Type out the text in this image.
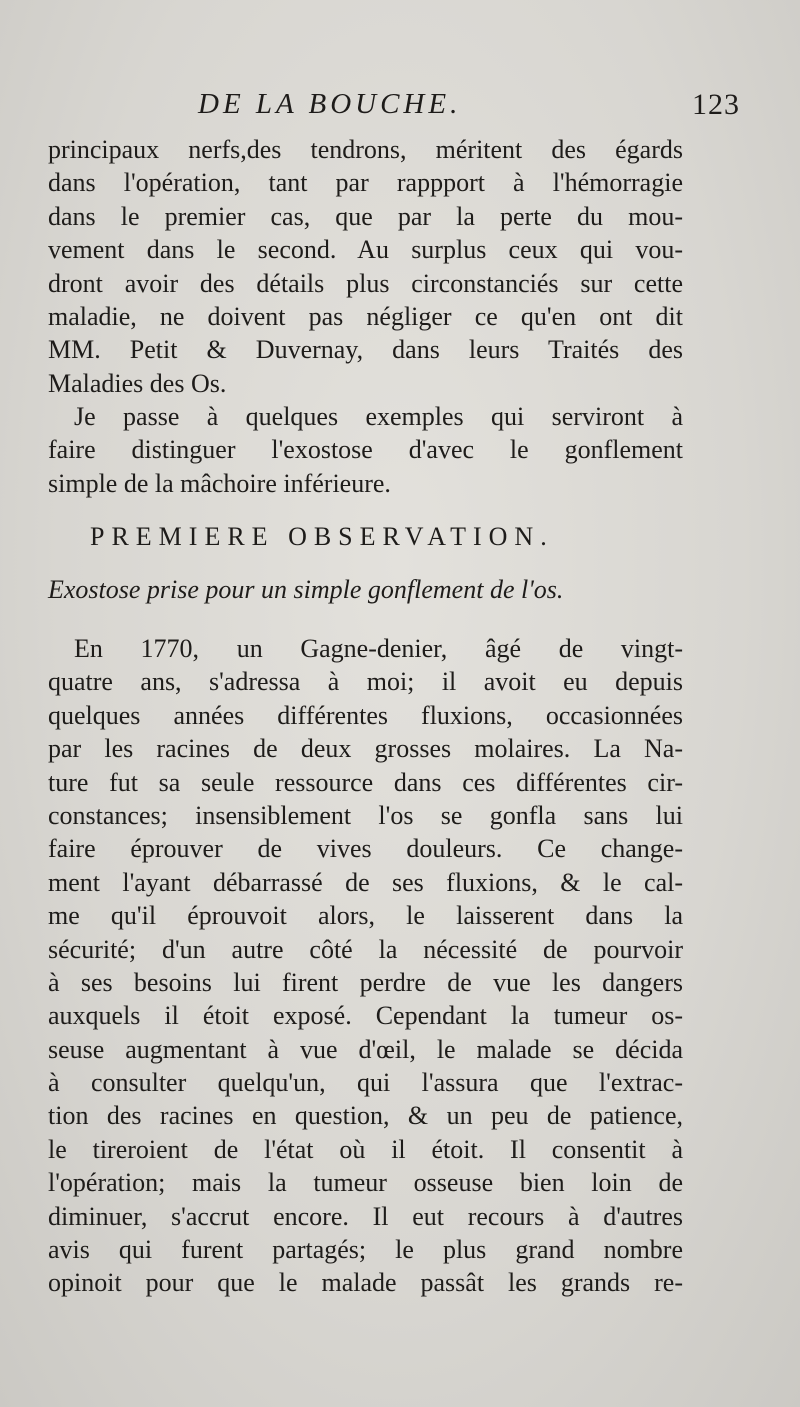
DE LA BOUCHE.	123
principaux nerfs,des tendrons, méritent des égards
dans l'opération, tant par rappport à l'hémorragie
dans le premier cas, que par la perte du mou-
vement dans le second. Au surplus ceux qui vou-
dront avoir des détails plus circonstanciés sur cette
maladie, ne doivent pas négliger ce qu'en ont dit
MM. Petit & Duvernay, dans leurs Traités des
Maladies des Os.
Je passe à quelques exemples qui serviront à
faire distinguer l'exostose d'avec le gonflement
simple de la mâchoire inférieure.
PREMIERE OBSERVATION.
Exostose prise pour un simple gonflement de l'os.
En 1770, un Gagne-denier, âgé de vingt-
quatre ans, s'adressa à moi; il avoit eu depuis
quelques années différentes fluxions, occasionnées
par les racines de deux grosses molaires. La Na-
ture fut sa seule ressource dans ces différentes cir-
constances; insensiblement l'os se gonfla sans lui
faire éprouver de vives douleurs. Ce change-
ment l'ayant débarrassé de ses fluxions, & le cal-
me qu'il éprouvoit alors, le laisserent dans la
sécurité; d'un autre côté la nécessité de pourvoir
à ses besoins lui firent perdre de vue les dangers
auxquels il étoit exposé. Cependant la tumeur os-
seuse augmentant à vue d'œil, le malade se décida
à consulter quelqu'un, qui l'assura que l'extrac-
tion des racines en question, & un peu de patience,
le tireroient de l'état où il étoit. Il consentit à
l'opération; mais la tumeur osseuse bien loin de
diminuer, s'accrut encore. Il eut recours à d'autres
avis qui furent partagés; le plus grand nombre
opinoit pour que le malade passât les grands re-
